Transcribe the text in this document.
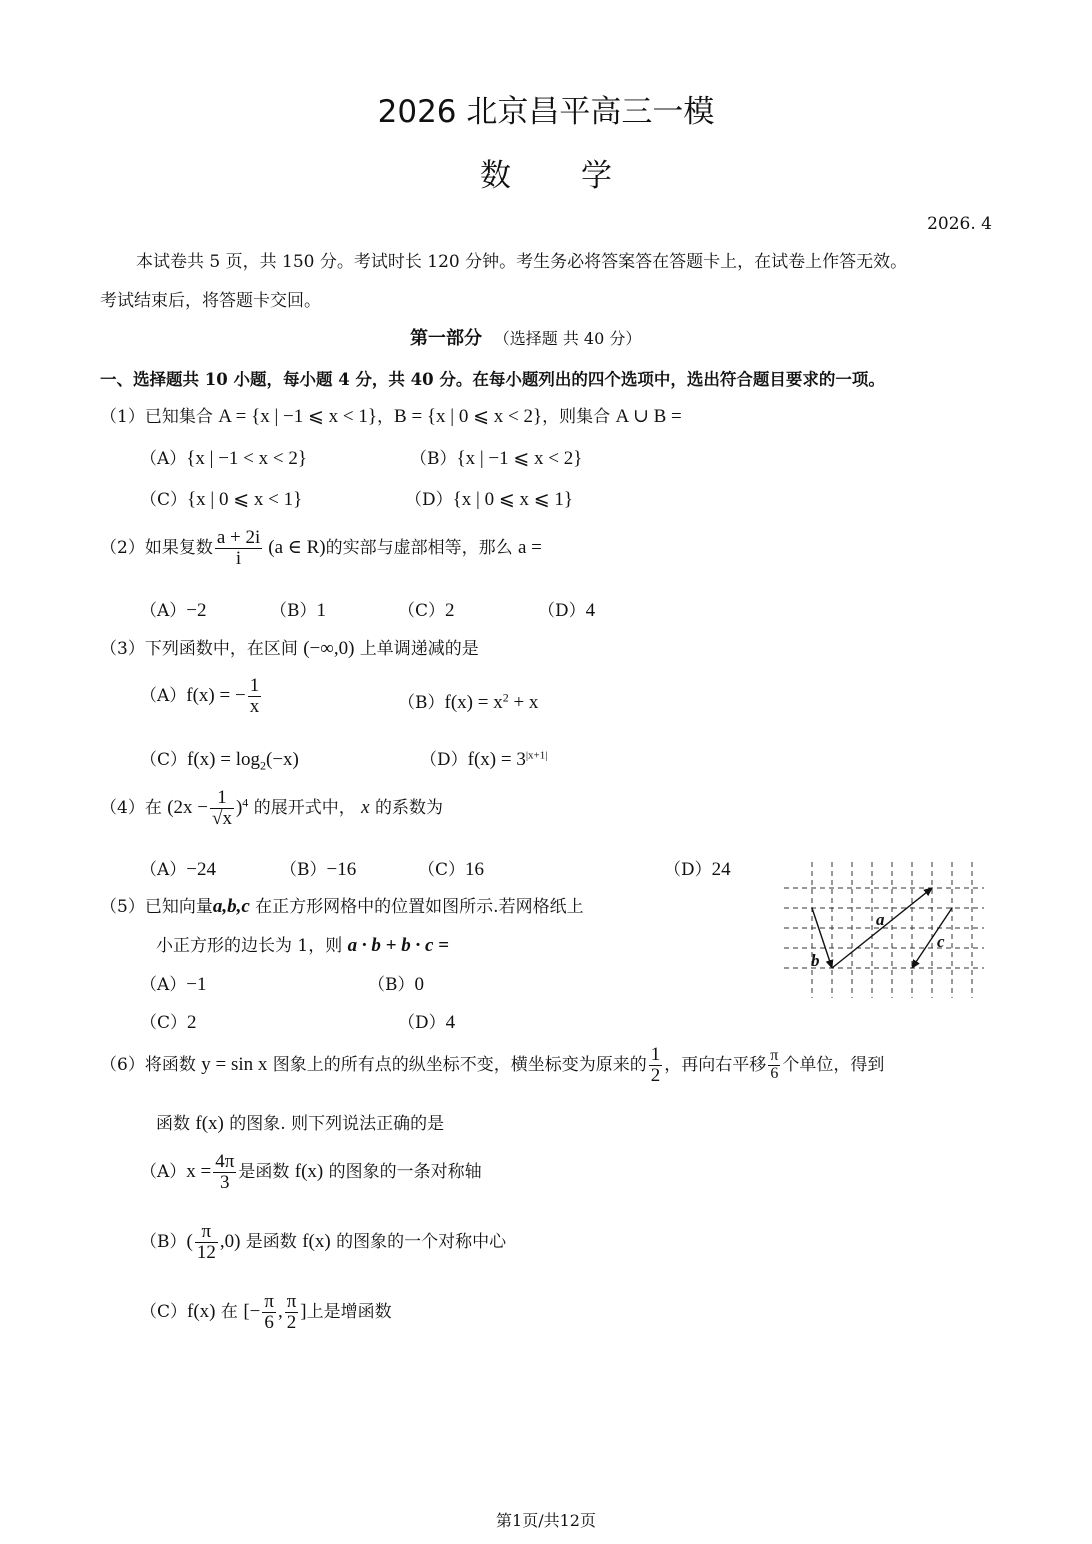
2026 北京昌平高三一模
数学
2026. 4
本试卷共 5 页，共 150 分。考试时长 120 分钟。考生务必将答案答在答题卡上，在试卷上作答无效。
考试结束后，将答题卡交回。
第一部分 （选择题 共 40 分）
一、选择题共 10 小题，每小题 4 分，共 40 分。在每小题列出的四个选项中，选出符合题目要求的一项。
（1）已知集合 A = {x | −1 ⩽ x < 1}，B = {x | 0 ⩽ x < 2}，则集合 A ∪ B =
（A）{x | −1 < x < 2}	（B）{x | −1 ⩽ x < 2}
（C）{x | 0 ⩽ x < 1}	（D）{x | 0 ⩽ x ⩽ 1}
（2）如果复数 $\frac{a + 2i}{i} (a$ ∈ R)的实部与虚部相等，那么 a =
（A）−2	（B）1	（C）2	（D）4
（3）下列函数中，在区间 (−∞,0) 上单调递减的是
（A）f(x) = − $\frac{1}{x}$	$(B)f(x) = x^2 + x$
$(C)f(x) = \log_2(-x)$	$(D)f(x) = 3^{|x+1|}$
（4）在 $(2x - \frac{1}{√x} )^4$ 的展开式中， x 的系数为
（A）−24	（B）−16	（C）16	（D）24
（5）已知向量a,b,c 在正方形网格中的位置如图所示.若网格纸上
小正方形的边长为 1，则 a · b + b · c =
（A）−1	（B）0
（C）2	（D）4
a
b
c
（6）将函数 y = sin x 图象上的所有点的纵坐标不变，横坐标变为原来的 $\frac{1}{2}$ ，再向右平移 $\frac{\pi}{6}$ 个单位，得到
函数 f(x) 的图象. 则下列说法正确的是
$(A)x = \frac{4\pi}{3}$ 是函数 f(x) 的图象的一条对称轴
$(B)( \frac{\pi}{12} ,0)$ 是函数 f(x) 的图象的一个对称中心
（C）f(x) 在 [− $\frac{\pi}{6}$ , $\frac{\pi}{2}$ ]上是增函数
第1页/共12页
